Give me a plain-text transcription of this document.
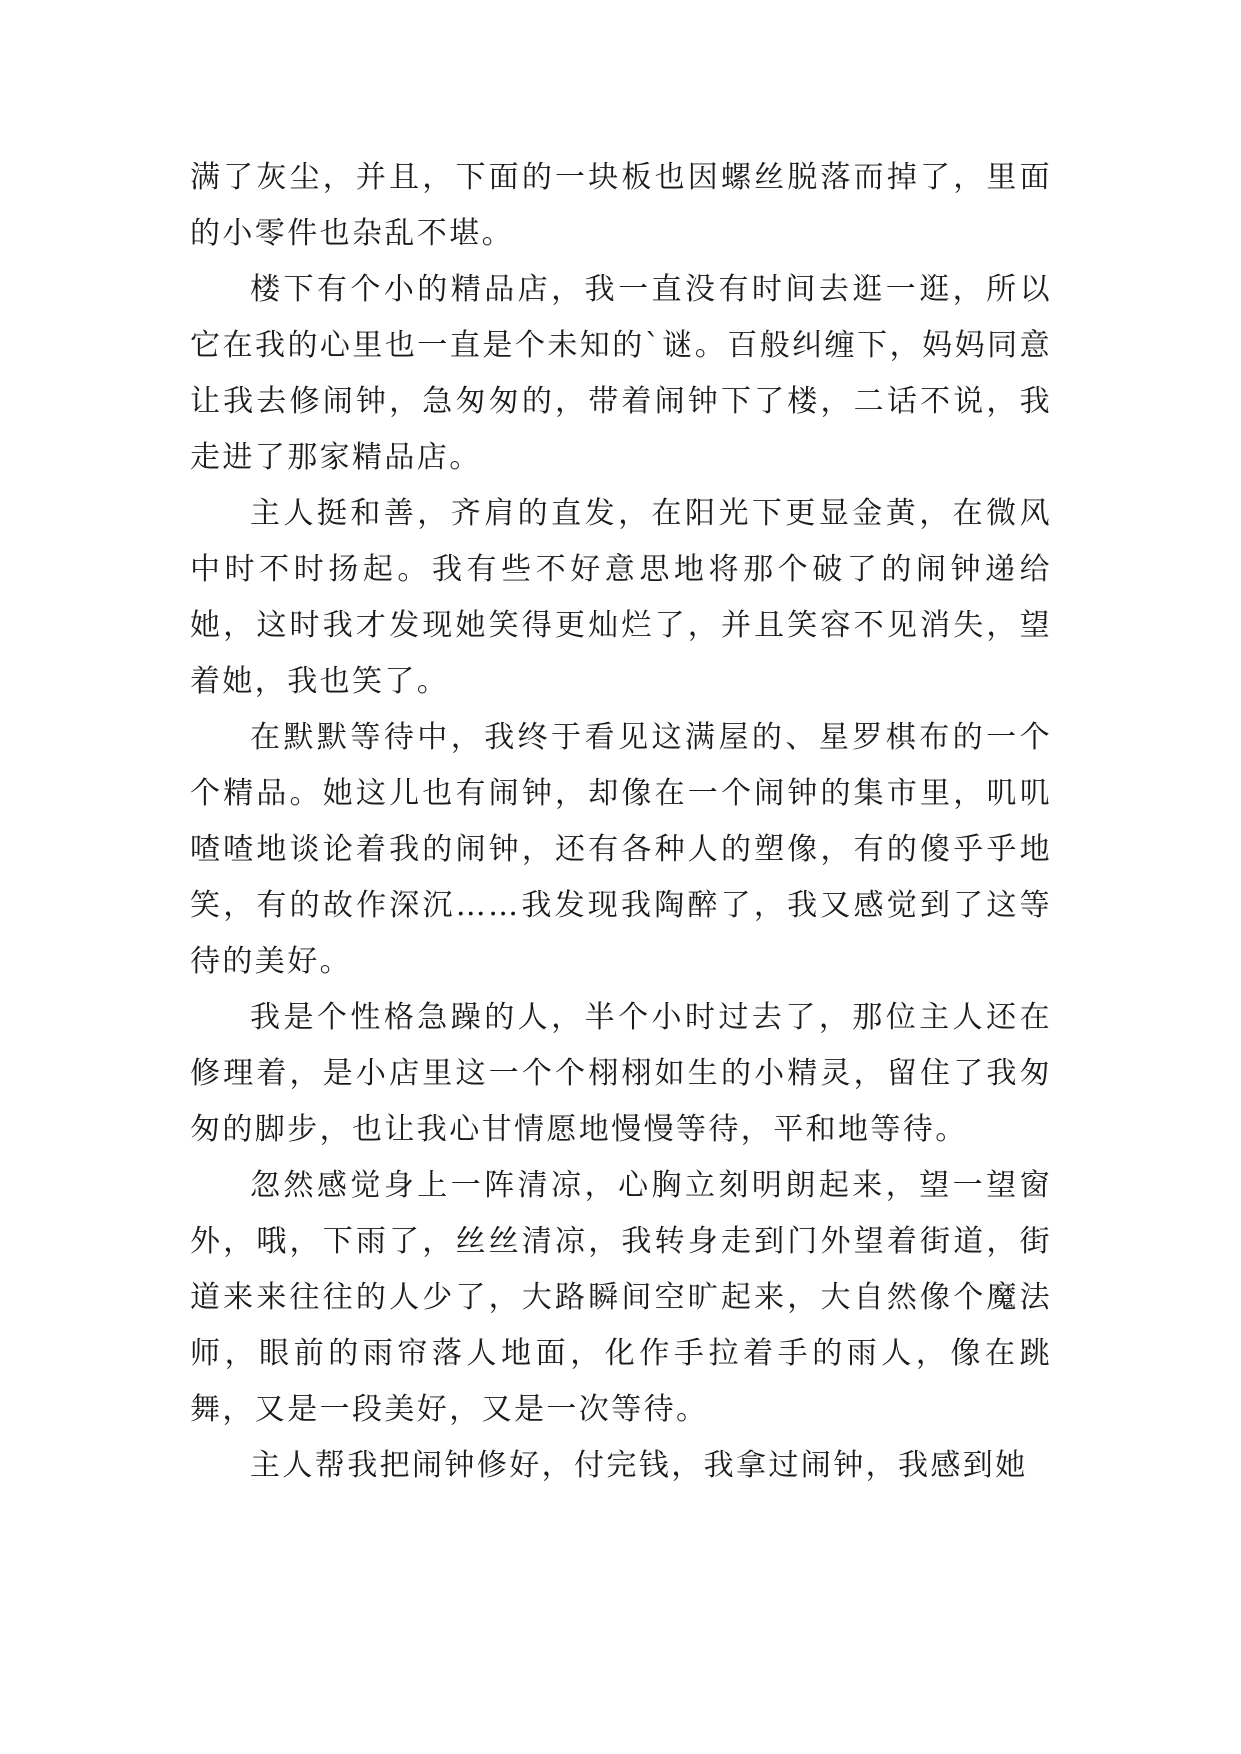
满了灰尘，并且，下面的一块板也因螺丝脱落而掉了，里面的小零件也杂乱不堪。

楼下有个小的精品店，我一直没有时间去逛一逛，所以它在我的心里也一直是个未知的`谜。百般纠缠下，妈妈同意让我去修闹钟，急匆匆的，带着闹钟下了楼，二话不说，我走进了那家精品店。

主人挺和善，齐肩的直发，在阳光下更显金黄，在微风中时不时扬起。我有些不好意思地将那个破了的闹钟递给她，这时我才发现她笑得更灿烂了，并且笑容不见消失，望着她，我也笑了。

在默默等待中，我终于看见这满屋的、星罗棋布的一个个精品。她这儿也有闹钟，却像在一个闹钟的集市里，叽叽喳喳地谈论着我的闹钟，还有各种人的塑像，有的傻乎乎地笑，有的故作深沉……我发现我陶醉了，我又感觉到了这等待的美好。

我是个性格急躁的人，半个小时过去了，那位主人还在修理着，是小店里这一个个栩栩如生的小精灵，留住了我匆匆的脚步，也让我心甘情愿地慢慢等待，平和地等待。

忽然感觉身上一阵清凉，心胸立刻明朗起来，望一望窗外，哦，下雨了，丝丝清凉，我转身走到门外望着街道，街道来来往往的人少了，大路瞬间空旷起来，大自然像个魔法师，眼前的雨帘落人地面，化作手拉着手的雨人，像在跳舞，又是一段美好，又是一次等待。

主人帮我把闹钟修好，付完钱，我拿过闹钟，我感到她
